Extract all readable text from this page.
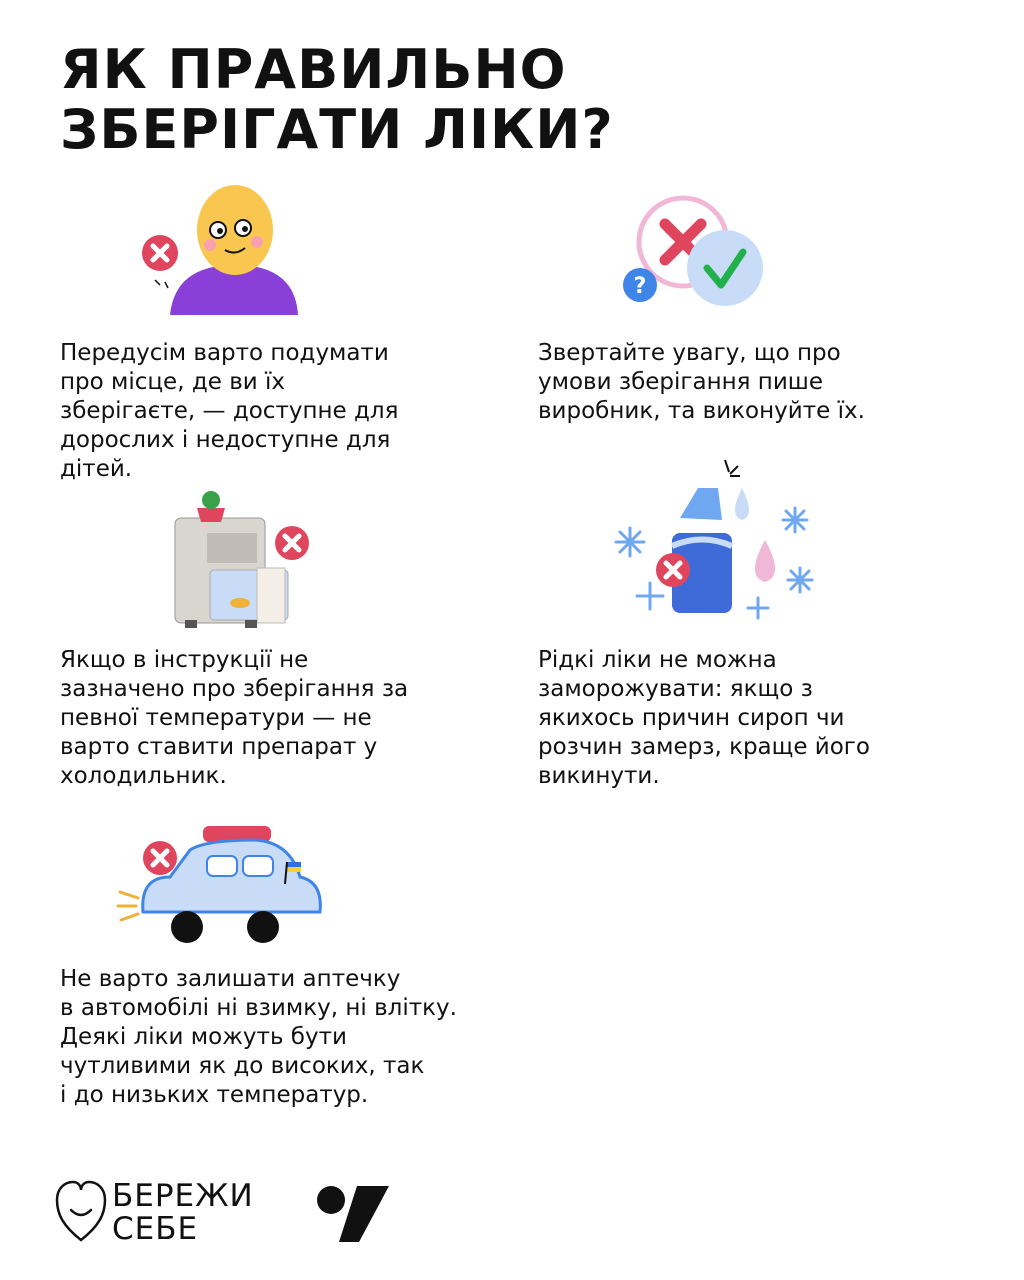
ЯК ПРАВИЛЬНО
ЗБЕРІГАТИ ЛІКИ?
?

Передусім варто подумати
про місце, де ви їх
зберігаєте, — доступне для
дорослих і недоступне для
дітей.

Звертайте увагу, що про
умови зберігання пише
виробник, та виконуйте їх.

Якщо в інструкції не
зазначено про зберігання за
певної температури — не
варто ставити препарат у
холодильник.

Рідкі ліки не можна
заморожувати: якщо з
якихось причин сироп чи
розчин замерз, краще його
викинути.

Не варто залишати аптечку
в автомобілі ні взимку, ні влітку.
Деякі ліки можуть бути
чутливими як до високих, так
і до низьких температур.

БЕРЕЖИ
СЕБЕ
